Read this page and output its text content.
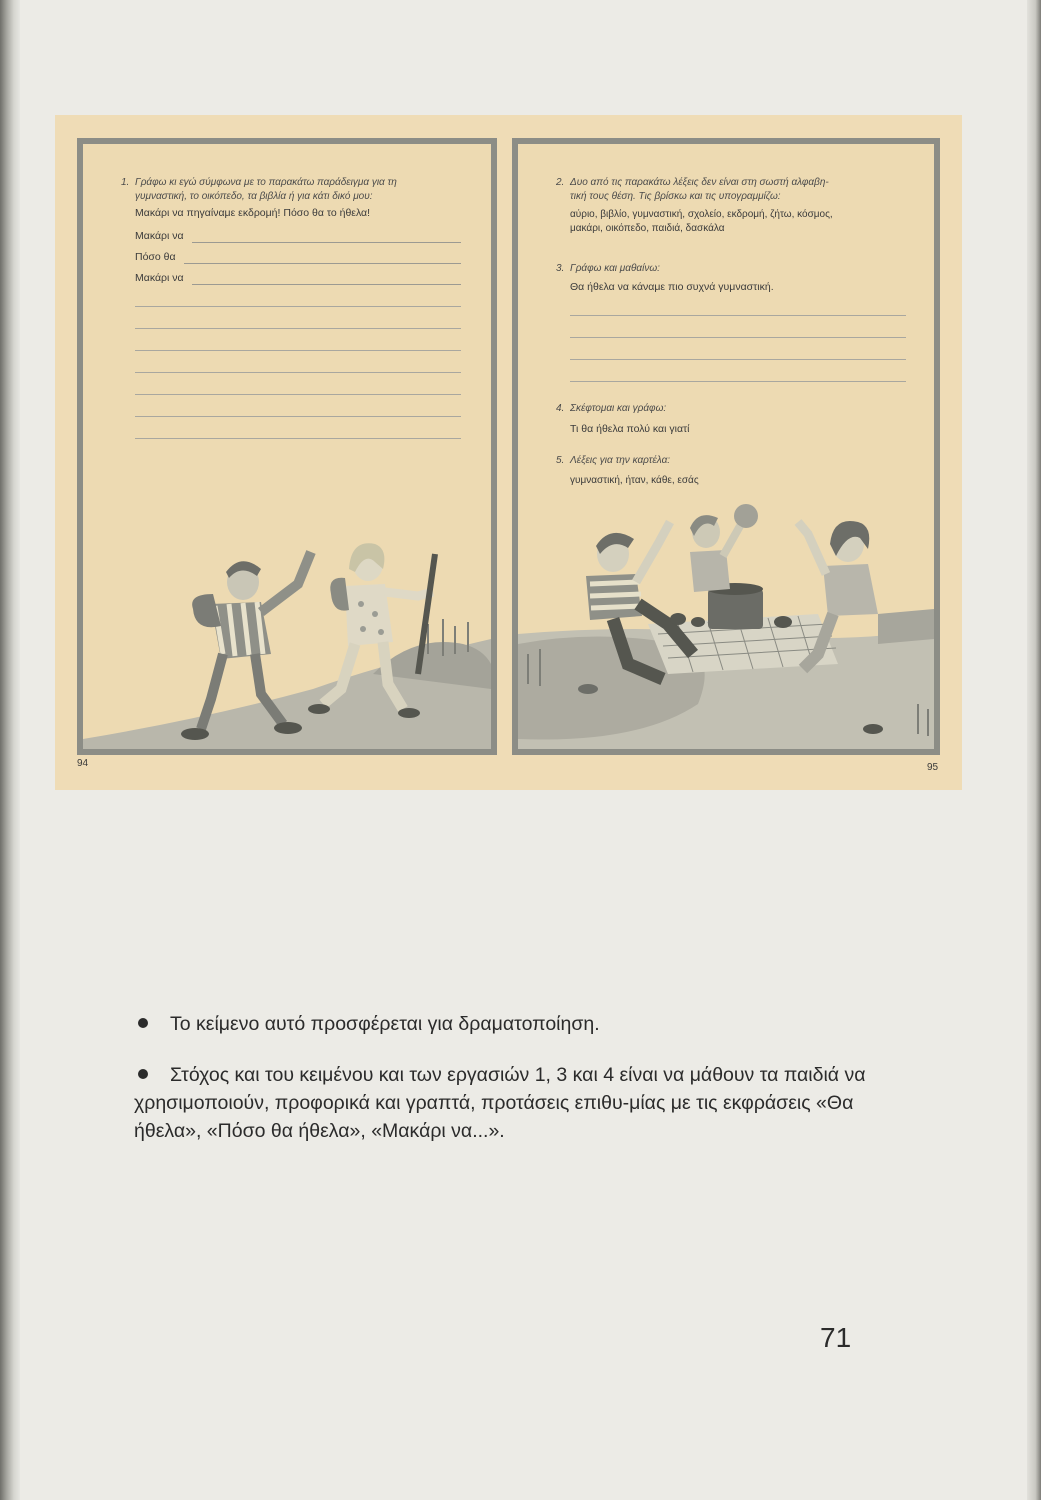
1. Γράφω κι εγώ σύμφωνα με το παρακάτω παράδειγμα για τη
γυμναστική, το οικόπεδο, τα βιβλία ή για κάτι δικό μου:
Μακάρι να πηγαίναμε εκδρομή! Πόσο θα το ήθελα!
Μακάρι να
Πόσο θα
Μακάρι να
94
2. Δυο από τις παρακάτω λέξεις δεν είναι στη σωστή αλφαβη-
τική τους θέση. Τις βρίσκω και τις υπογραμμίζω:
αύριο, βιβλίο, γυμναστική, σχολείο, εκδρομή, ζήτω, κόσμος,
μακάρι, οικόπεδο, παιδιά, δασκάλα
3. Γράφω και μαθαίνω:
Θα ήθελα να κάναμε πιο συχνά γυμναστική.
4. Σκέφτομαι και γράφω:
Τι θα ήθελα πολύ και γιατί
5. Λέξεις για την καρτέλα:
γυμναστική, ήταν, κάθε, εσάς
95

Το κείμενο αυτό προσφέρεται για δραματοποίηση.

Στόχος και του κειμένου και των εργασιών 1, 3 και 4 είναι να μάθουν τα παιδιά να χρησιμοποιούν, προφορικά και γραπτά, προτάσεις επιθυ-μίας με τις εκφράσεις «Θα ήθελα», «Πόσο θα ήθελα», «Μακάρι να...».

71
